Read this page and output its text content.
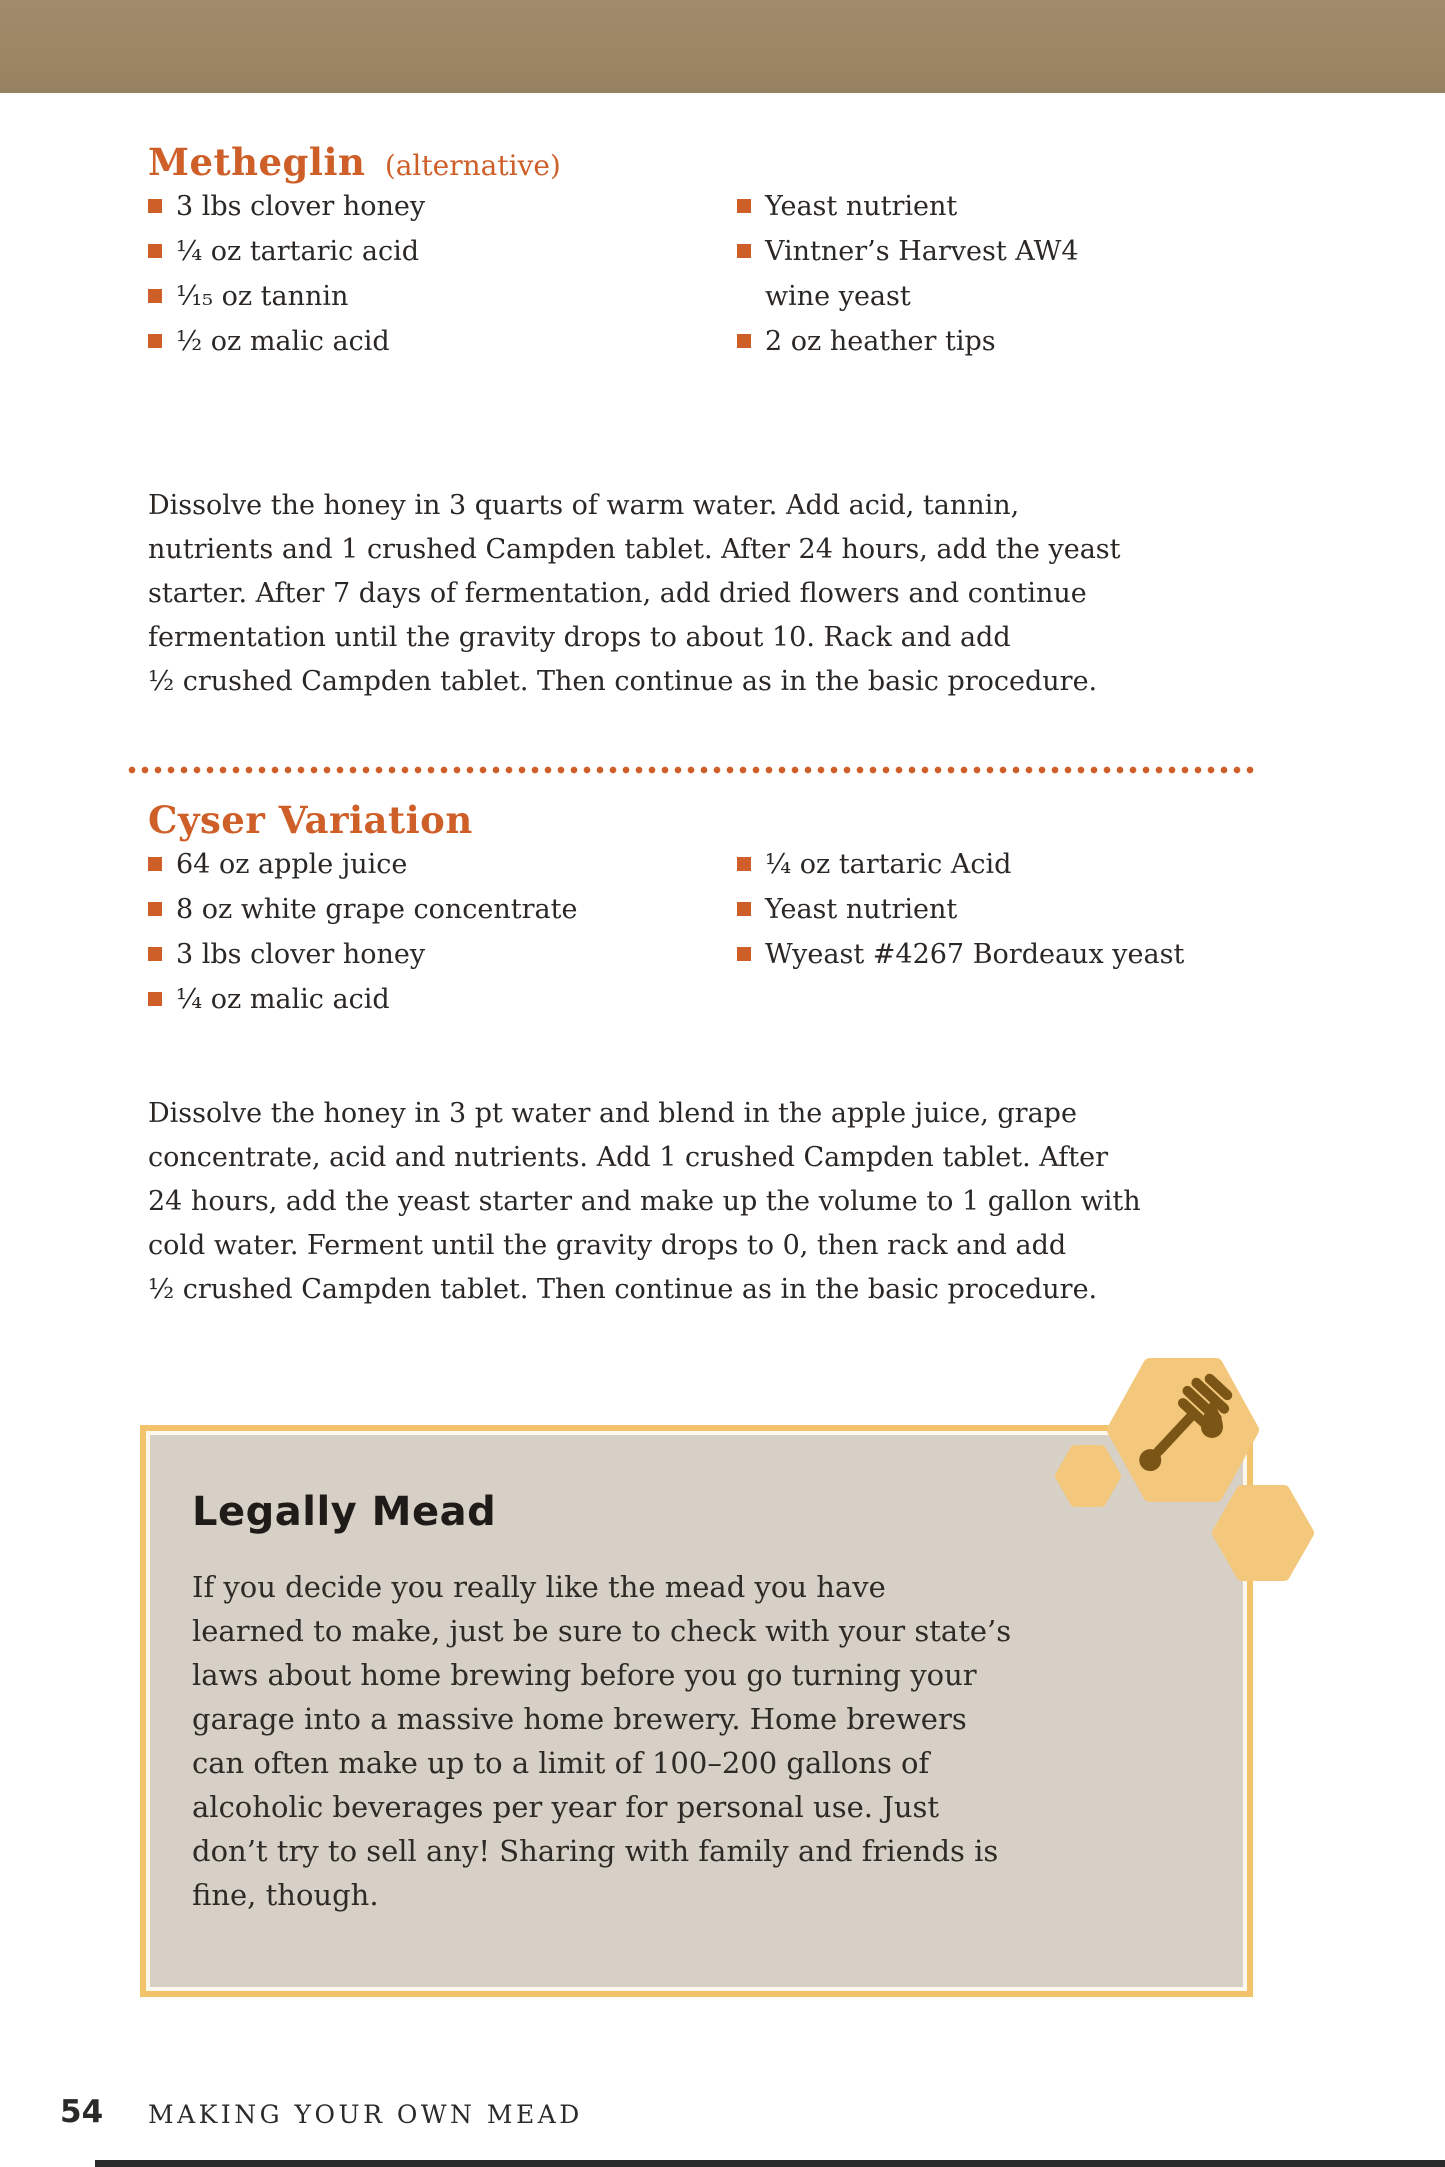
Metheglin (alternative)
3 lbs clover honey
¼ oz tartaric acid
¹⁄₁₅ oz tannin
½ oz malic acid
Yeast nutrient
Vintner’s Harvest AW4 wine yeast
2 oz heather tips
Dissolve the honey in 3 quarts of warm water. Add acid, tannin,
nutrients and 1 crushed Campden tablet. After 24 hours, add the yeast
starter. After 7 days of fermentation, add dried flowers and continue
fermentation until the gravity drops to about 10. Rack and add
½ crushed Campden tablet. Then continue as in the basic procedure.
Cyser Variation
64 oz apple juice
8 oz white grape concentrate
3 lbs clover honey
¼ oz malic acid
¼ oz tartaric Acid
Yeast nutrient
Wyeast #4267 Bordeaux yeast
Dissolve the honey in 3 pt water and blend in the apple juice, grape
concentrate, acid and nutrients. Add 1 crushed Campden tablet. After
24 hours, add the yeast starter and make up the volume to 1 gallon with
cold water. Ferment until the gravity drops to 0, then rack and add
½ crushed Campden tablet. Then continue as in the basic procedure.
Legally Mead
If you decide you really like the mead you have
learned to make, just be sure to check with your state’s
laws about home brewing before you go turning your
garage into a massive home brewery. Home brewers
can often make up to a limit of 100–200 gallons of
alcoholic beverages per year for personal use. Just
don’t try to sell any! Sharing with family and friends is
fine, though.
54 MAKING YOUR OWN MEAD
